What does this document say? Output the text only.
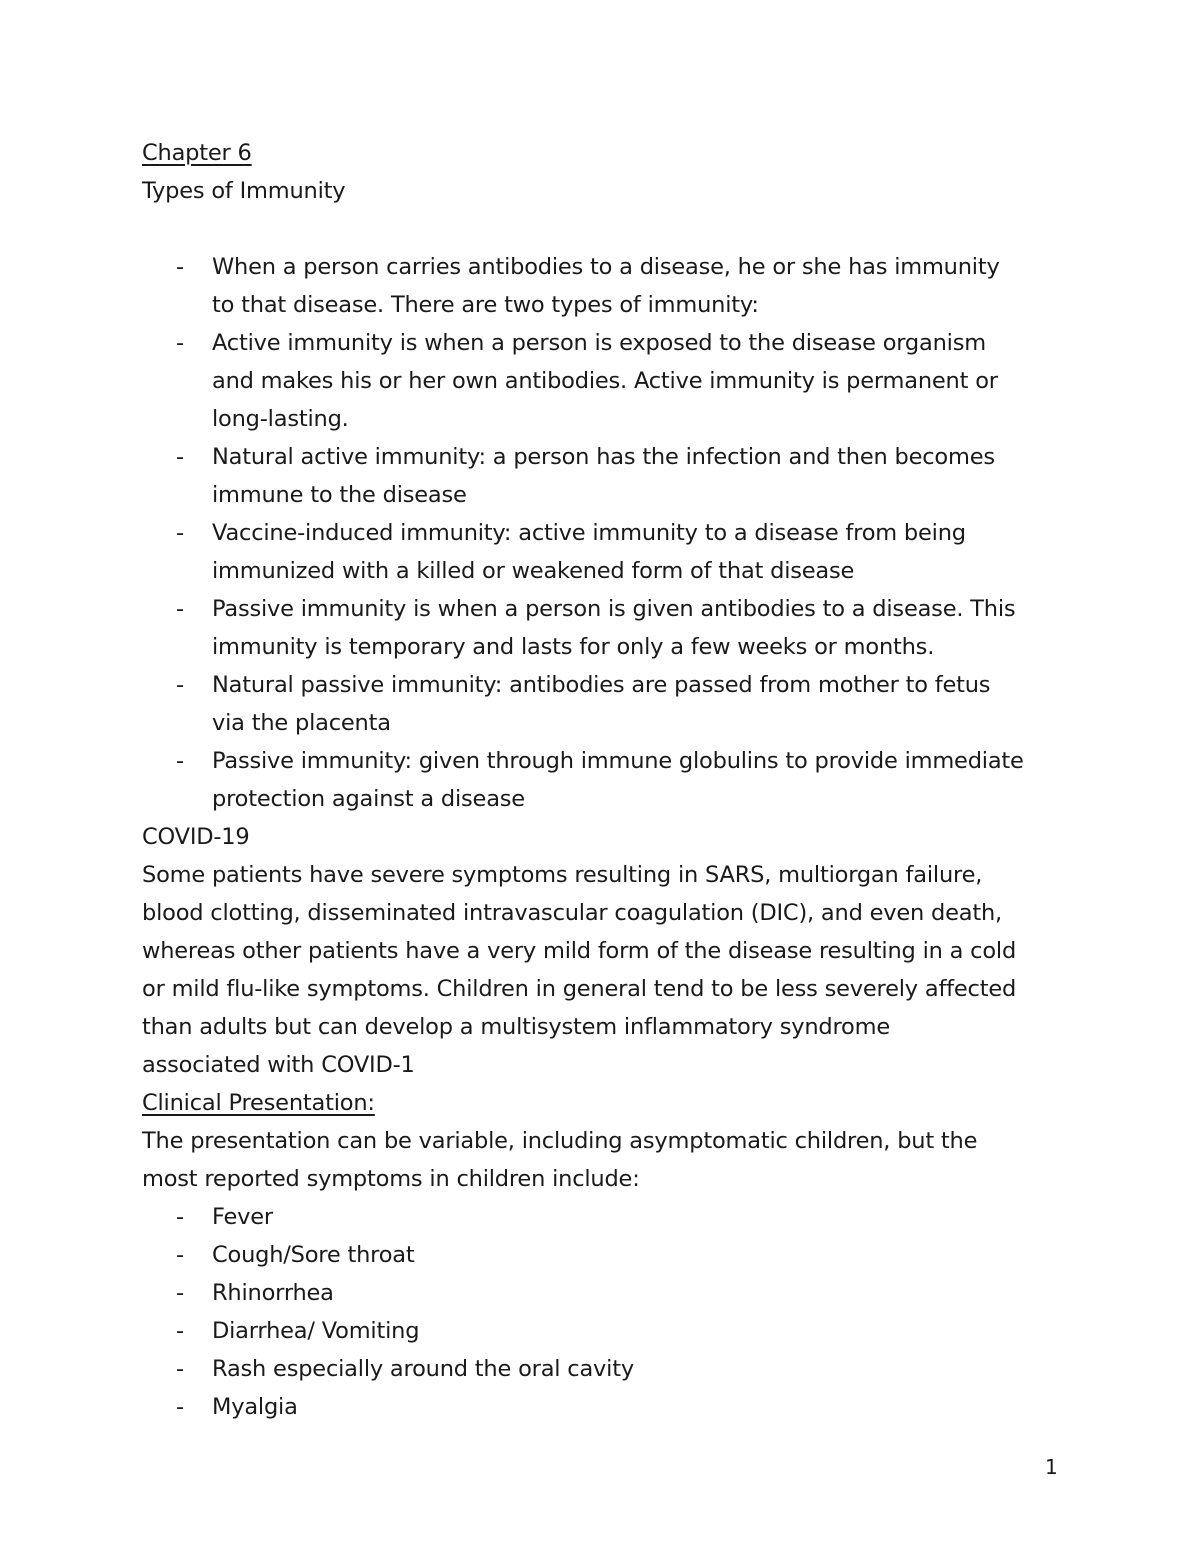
Chapter 6

Types of Immunity

- When a person carries antibodies to a disease, he or she has immunity
to that disease. There are two types of immunity:
- Active immunity is when a person is exposed to the disease organism
and makes his or her own antibodies. Active immunity is permanent or
long-lasting.
- Natural active immunity: a person has the infection and then becomes
immune to the disease
- Vaccine-induced immunity: active immunity to a disease from being
immunized with a killed or weakened form of that disease
- Passive immunity is when a person is given antibodies to a disease. This
immunity is temporary and lasts for only a few weeks or months.
- Natural passive immunity: antibodies are passed from mother to fetus
via the placenta
- Passive immunity: given through immune globulins to provide immediate
protection against a disease

COVID-19

Some patients have severe symptoms resulting in SARS, multiorgan failure,
blood clotting, disseminated intravascular coagulation (DIC), and even death,
whereas other patients have a very mild form of the disease resulting in a cold
or mild flu-like symptoms. Children in general tend to be less severely affected
than adults but can develop a multisystem inflammatory syndrome
associated with COVID-1

Clinical Presentation:

The presentation can be variable, including asymptomatic children, but the
most reported symptoms in children include:

- Fever
- Cough/Sore throat
- Rhinorrhea
- Diarrhea/ Vomiting
- Rash especially around the oral cavity
- Myalgia
1
